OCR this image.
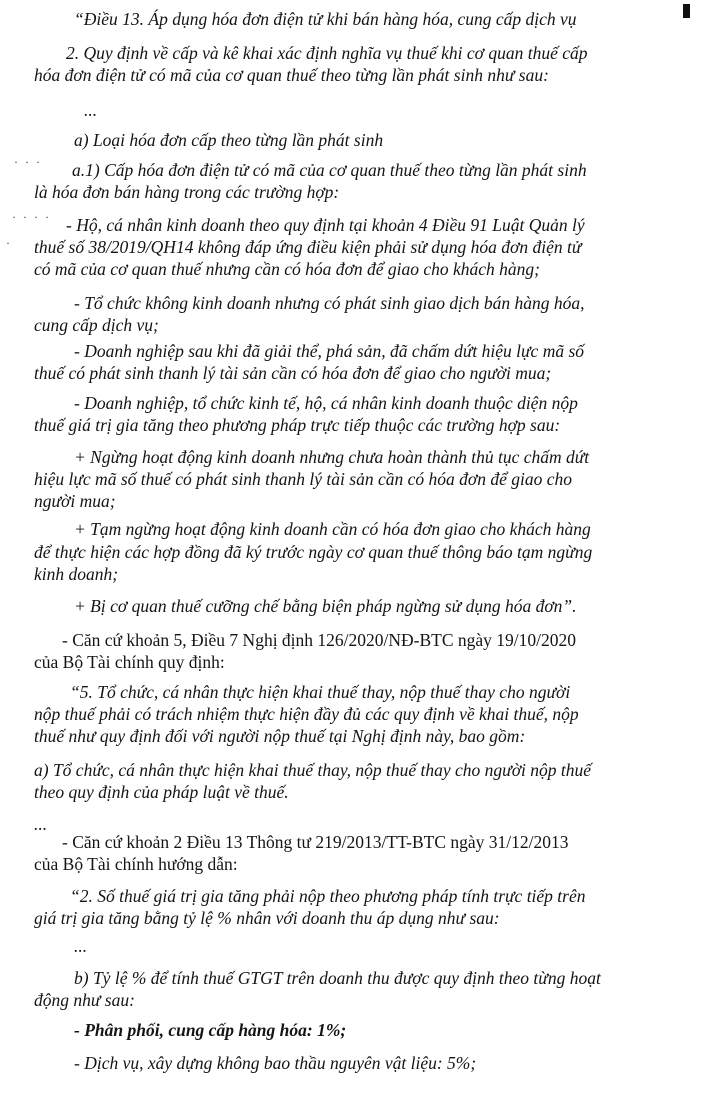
“Điều 13. Áp dụng hóa đơn điện tử khi bán hàng hóa, cung cấp dịch vụ
2. Quy định về cấp và kê khai xác định nghĩa vụ thuế khi cơ quan thuế cấp
hóa đơn điện tử có mã của cơ quan thuế theo từng lần phát sinh như sau:
...
a) Loại hóa đơn cấp theo từng lần phát sinh
a.1) Cấp hóa đơn điện tử có mã của cơ quan thuế theo từng lần phát sinh
là hóa đơn bán hàng trong các trường hợp:
- Hộ, cá nhân kinh doanh theo quy định tại khoản 4 Điều 91 Luật Quản lý
thuế số 38/2019/QH14 không đáp ứng điều kiện phải sử dụng hóa đơn điện tử
có mã của cơ quan thuế nhưng cần có hóa đơn để giao cho khách hàng;
- Tổ chức không kinh doanh nhưng có phát sinh giao dịch bán hàng hóa,
cung cấp dịch vụ;
- Doanh nghiệp sau khi đã giải thể, phá sản, đã chấm dứt hiệu lực mã số
thuế có phát sinh thanh lý tài sản cần có hóa đơn để giao cho người mua;
- Doanh nghiệp, tổ chức kinh tế, hộ, cá nhân kinh doanh thuộc diện nộp
thuế giá trị gia tăng theo phương pháp trực tiếp thuộc các trường hợp sau:
+ Ngừng hoạt động kinh doanh nhưng chưa hoàn thành thủ tục chấm dứt
hiệu lực mã số thuế có phát sinh thanh lý tài sản cần có hóa đơn để giao cho
người mua;
+ Tạm ngừng hoạt động kinh doanh cần có hóa đơn giao cho khách hàng
để thực hiện các hợp đồng đã ký trước ngày cơ quan thuế thông báo tạm ngừng
kinh doanh;
+ Bị cơ quan thuế cưỡng chế bằng biện pháp ngừng sử dụng hóa đơn”.
- Căn cứ khoản 5, Điều 7 Nghị định 126/2020/NĐ-BTC ngày 19/10/2020
của Bộ Tài chính quy định:
“5. Tổ chức, cá nhân thực hiện khai thuế thay, nộp thuế thay cho người
nộp thuế phải có trách nhiệm thực hiện đầy đủ các quy định về khai thuế, nộp
thuế như quy định đối với người nộp thuế tại Nghị định này, bao gồm:
a) Tổ chức, cá nhân thực hiện khai thuế thay, nộp thuế thay cho người nộp thuế
theo quy định của pháp luật về thuế.
...
- Căn cứ khoản 2 Điều 13 Thông tư 219/2013/TT-BTC ngày 31/12/2013
của Bộ Tài chính hướng dẫn:
“2. Số thuế giá trị gia tăng phải nộp theo phương pháp tính trực tiếp trên
giá trị gia tăng bằng tỷ lệ % nhân với doanh thu áp dụng như sau:
...
b) Tỷ lệ % để tính thuế GTGT trên doanh thu được quy định theo từng hoạt
động như sau:
- Phân phối, cung cấp hàng hóa: 1%;
- Dịch vụ, xây dựng không bao thầu nguyên vật liệu: 5%;
· · ·
· · · ·
·
